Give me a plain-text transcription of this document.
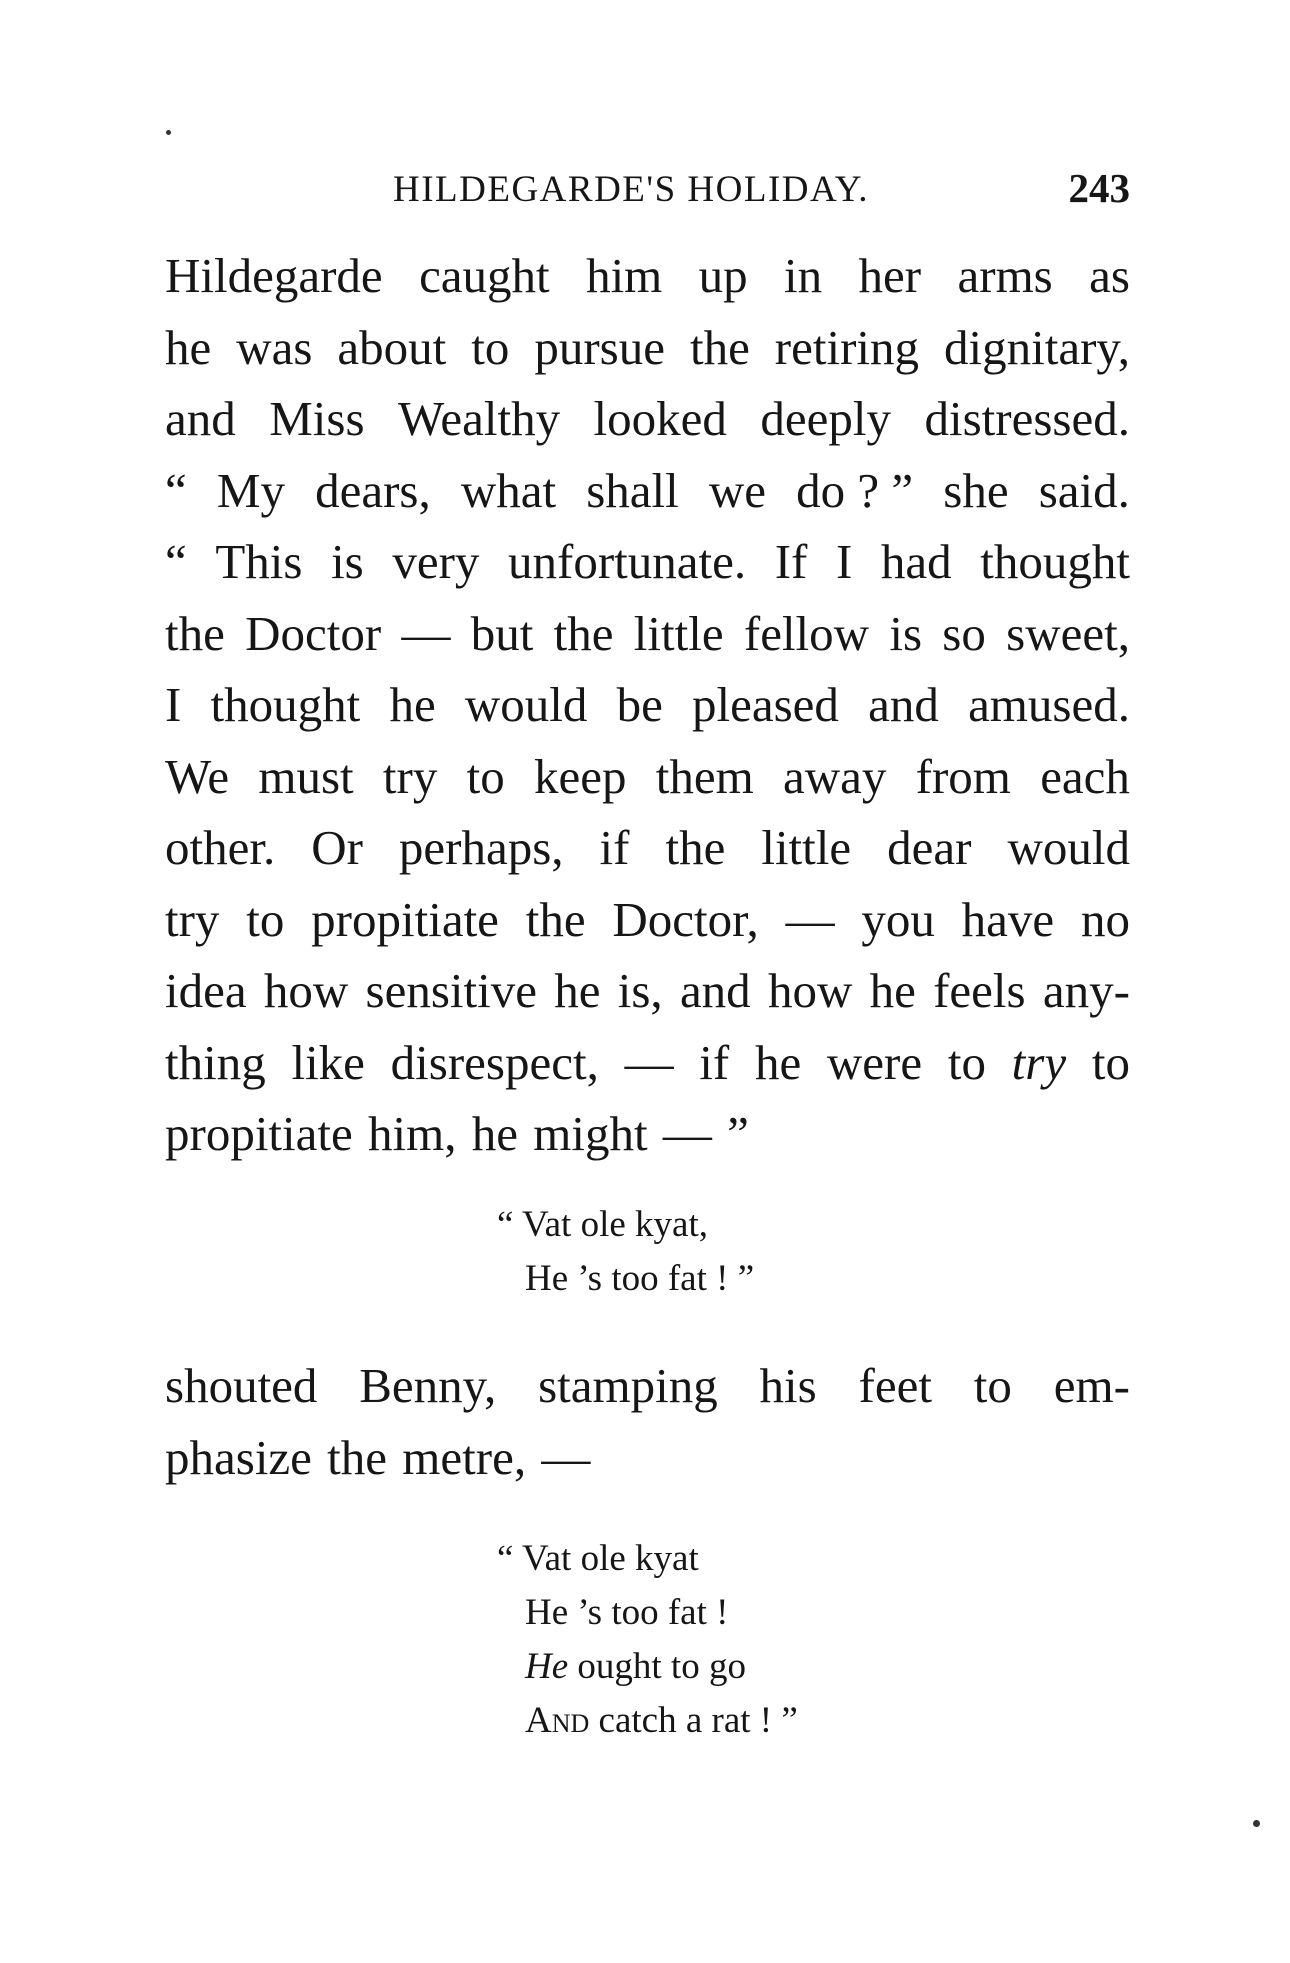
HILDEGARDE'S HOLIDAY.	243
Hildegarde caught him up in her arms as
he was about to pursue the retiring dignitary,
and Miss Wealthy looked deeply distressed.
“ My dears, what shall we do ? ” she said.
“ This is very unfortunate. If I had thought
the Doctor — but the little fellow is so sweet,
I thought he would be pleased and amused.
We must try to keep them away from each
other. Or perhaps, if the little dear would
try to propitiate the Doctor, — you have no
idea how sensitive he is, and how he feels any-
thing like disrespect, — if he were to try to
propitiate him, he might — ”
“ Vat ole kyat,
He ’s too fat ! ”
shouted Benny, stamping his feet to em-
phasize the metre, —
“ Vat ole kyat
He ’s too fat !
He ought to go
And catch a rat ! ”
